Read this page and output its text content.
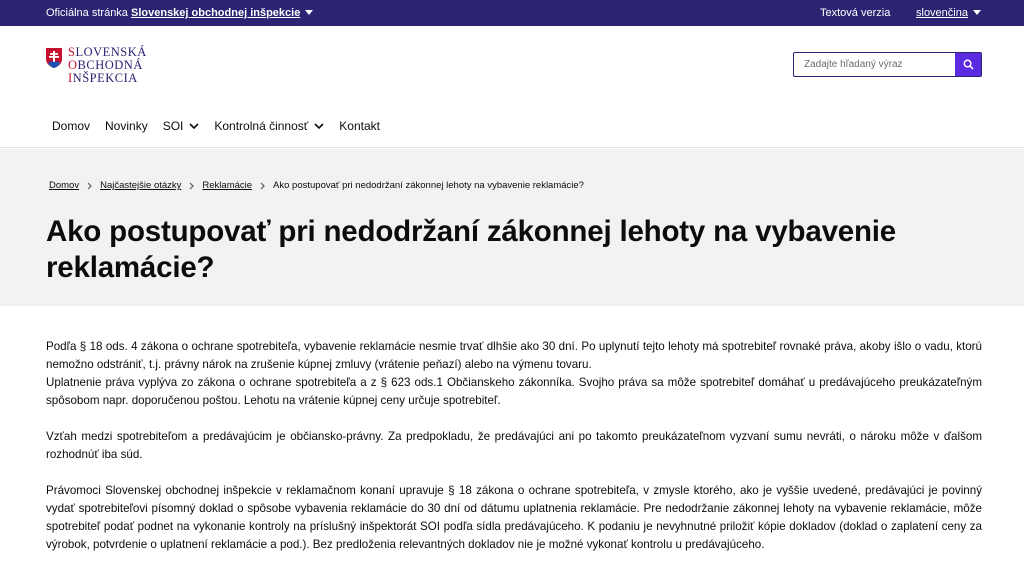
Oficiálna stránka Slovenskej obchodnej inšpekcie	Textová verzia slovenčina
SLOVENSKÁ
OBCHODNÁ
INŠPEKCIA
Zadajte hľadaný výraz
Domov Novinky SOI	Kontrolná činnosť	Kontakt
Domov Najčastejšie otázky Reklamácie Ako postupovať pri nedodržaní zákonnej lehoty na vybavenie reklamácie?
Ako postupovať pri nedodržaní zákonnej lehoty na vybavenie reklamácie?

Podľa § 18 ods. 4 zákona o ochrane spotrebiteľa, vybavenie reklamácie nesmie trvať dlhšie ako 30 dní. Po uplynutí tejto lehoty má spotrebiteľ rovnaké práva, akoby išlo o vadu, ktorú nemožno odstrániť, t.j. právny nárok na zrušenie kúpnej zmluvy (vrátenie peňazí) alebo na výmenu tovaru.

Uplatnenie práva vyplýva zo zákona o ochrane spotrebiteľa a z § 623 ods.1 Občianskeho zákonníka. Svojho práva sa môže spotrebiteľ domáhať u predávajúceho preukázateľným spôsobom napr. doporučenou poštou. Lehotu na vrátenie kúpnej ceny určuje spotrebiteľ.

Vzťah medzi spotrebiteľom a predávajúcim je občiansko-právny. Za predpokladu, že predávajúci ani po takomto preukázateľnom vyzvaní sumu nevráti, o nároku môže v ďalšom rozhodnúť iba súd.

Právomoci Slovenskej obchodnej inšpekcie v reklamačnom konaní upravuje § 18 zákona o ochrane spotrebiteľa, v zmysle ktorého, ako je vyššie uvedené, predávajúci je povinný vydať spotrebiteľovi písomný doklad o spôsobe vybavenia reklamácie do 30 dní od dátumu uplatnenia reklamácie. Pre nedodržanie zákonnej lehoty na vybavenie reklamácie, môže spotrebiteľ podať podnet na vykonanie kontroly na príslušný inšpektorát SOI podľa sídla predávajúceho. K podaniu je nevyhnutné priložiť kópie dokladov (doklad o zaplatení ceny za výrobok, potvrdenie o uplatnení reklamácie a pod.). Bez predloženia relevantných dokladov nie je možné vykonať kontrolu u predávajúceho.
